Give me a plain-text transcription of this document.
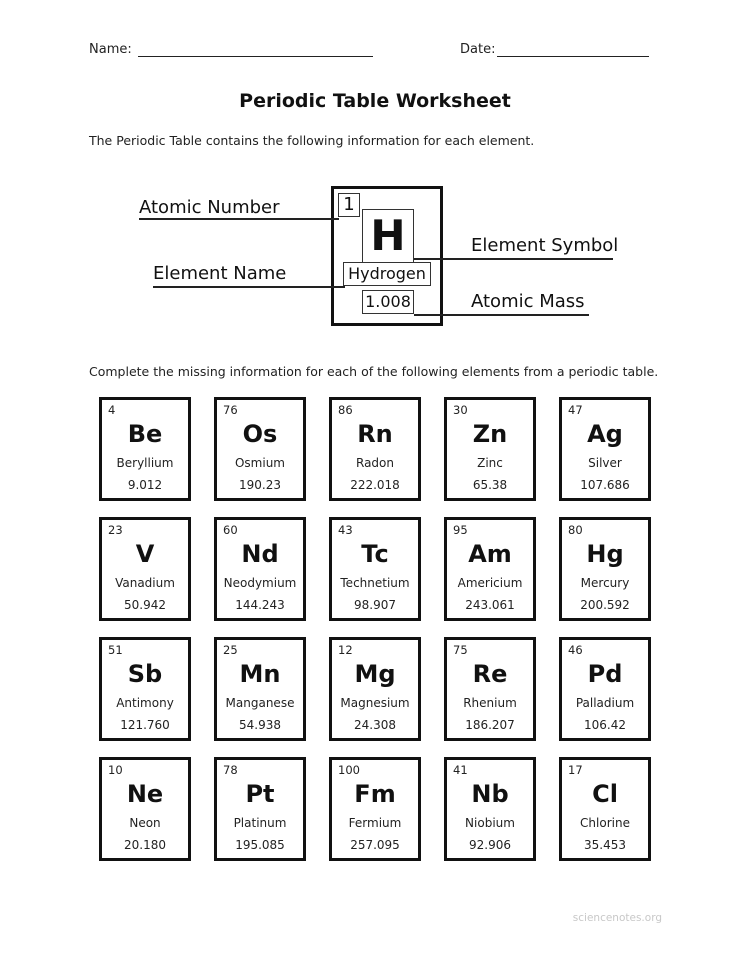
Name:	Date:
Periodic Table Worksheet
The Periodic Table contains the following information for each element.
Atomic Number
Element Name
Element Symbol
Atomic Mass
1
H
Hydrogen
1.008
Complete the missing information for each of the following elements from a periodic table.
4
Be
Beryllium
9.012
76
Os
Osmium
190.23
86
Rn
Radon
222.018
30
Zn
Zinc
65.38
47
Ag
Silver
107.686
23
V
Vanadium
50.942
60
Nd
Neodymium
144.243
43
Tc
Technetium
98.907
95
Am
Americium
243.061
80
Hg
Mercury
200.592
51
Sb
Antimony
121.760
25
Mn
Manganese
54.938
12
Mg
Magnesium
24.308
75
Re
Rhenium
186.207
46
Pd
Palladium
106.42
10
Ne
Neon
20.180
78
Pt
Platinum
195.085
100
Fm
Fermium
257.095
41
Nb
Niobium
92.906
17
Cl
Chlorine
35.453
sciencenotes.org
